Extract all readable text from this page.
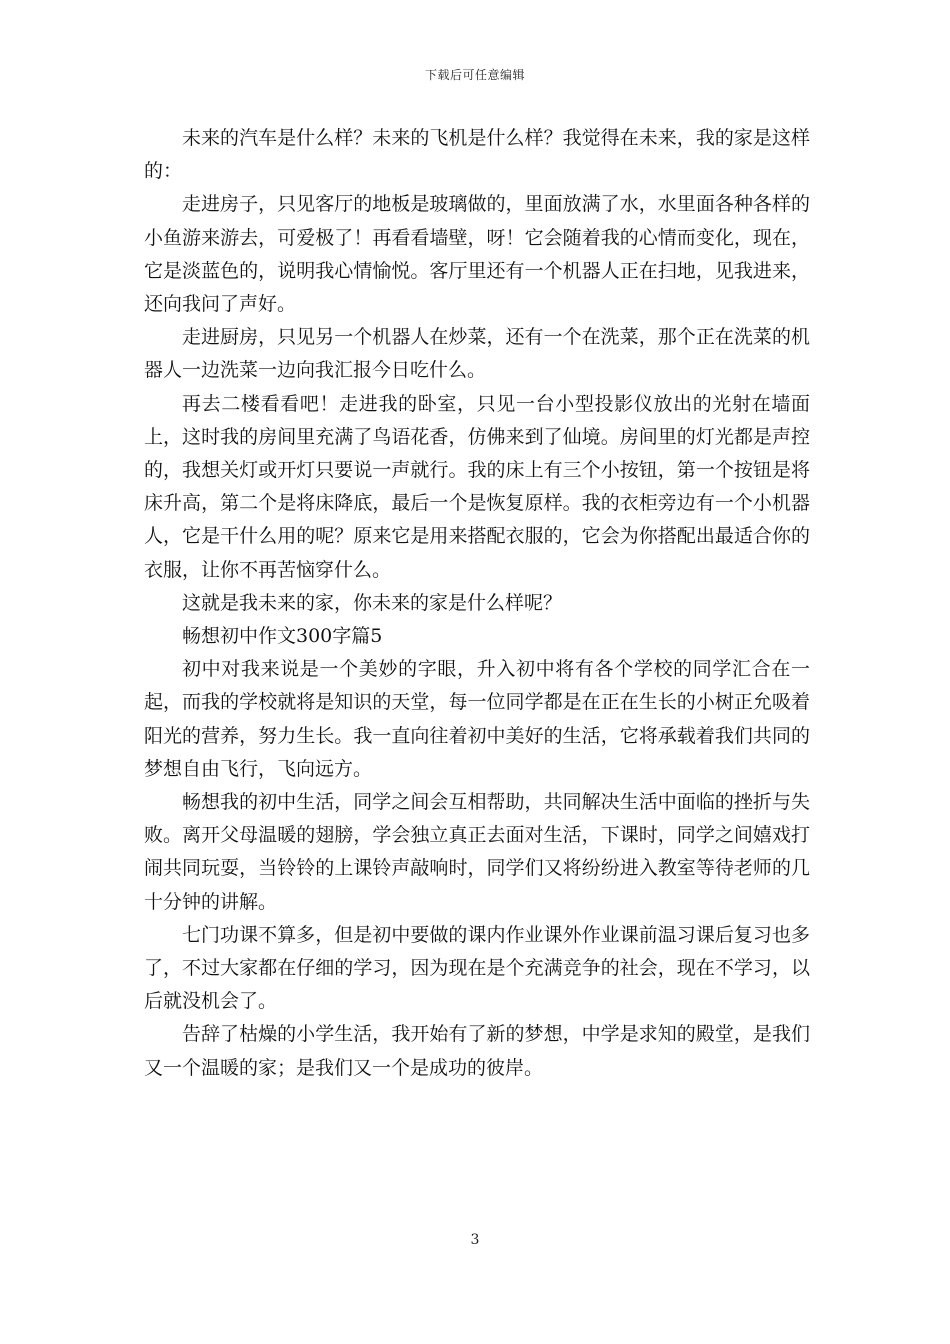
下载后可任意编辑

未来的汽车是什么样？未来的飞机是什么样？我觉得在未来，我的家是这样的：

走进房子，只见客厅的地板是玻璃做的，里面放满了水，水里面各种各样的小鱼游来游去，可爱极了！再看看墙壁，呀！它会随着我的心情而变化，现在，它是淡蓝色的，说明我心情愉悦。客厅里还有一个机器人正在扫地，见我进来，还向我问了声好。

走进厨房，只见另一个机器人在炒菜，还有一个在洗菜，那个正在洗菜的机器人一边洗菜一边向我汇报今日吃什么。

再去二楼看看吧！走进我的卧室，只见一台小型投影仪放出的光射在墙面上，这时我的房间里充满了鸟语花香，仿佛来到了仙境。房间里的灯光都是声控的，我想关灯或开灯只要说一声就行。我的床上有三个小按钮，第一个按钮是将床升高，第二个是将床降底，最后一个是恢复原样。我的衣柜旁边有一个小机器人，它是干什么用的呢？原来它是用来搭配衣服的，它会为你搭配出最适合你的衣服，让你不再苦恼穿什么。

这就是我未来的家，你未来的家是什么样呢？

畅想初中作文300字篇5

初中对我来说是一个美妙的字眼，升入初中将有各个学校的同学汇合在一起，而我的学校就将是知识的天堂，每一位同学都是在正在生长的小树正允吸着阳光的营养，努力生长。我一直向往着初中美好的生活，它将承载着我们共同的梦想自由飞行，飞向远方。

畅想我的初中生活，同学之间会互相帮助，共同解决生活中面临的挫折与失败。离开父母温暖的翅膀，学会独立真正去面对生活，下课时，同学之间嬉戏打闹共同玩耍，当铃铃的上课铃声敲响时，同学们又将纷纷进入教室等待老师的几十分钟的讲解。

七门功课不算多，但是初中要做的课内作业课外作业课前温习课后复习也多了，不过大家都在仔细的学习，因为现在是个充满竞争的社会，现在不学习，以后就没机会了。

告辞了枯燥的小学生活，我开始有了新的梦想，中学是求知的殿堂，是我们又一个温暖的家；是我们又一个是成功的彼岸。

3
